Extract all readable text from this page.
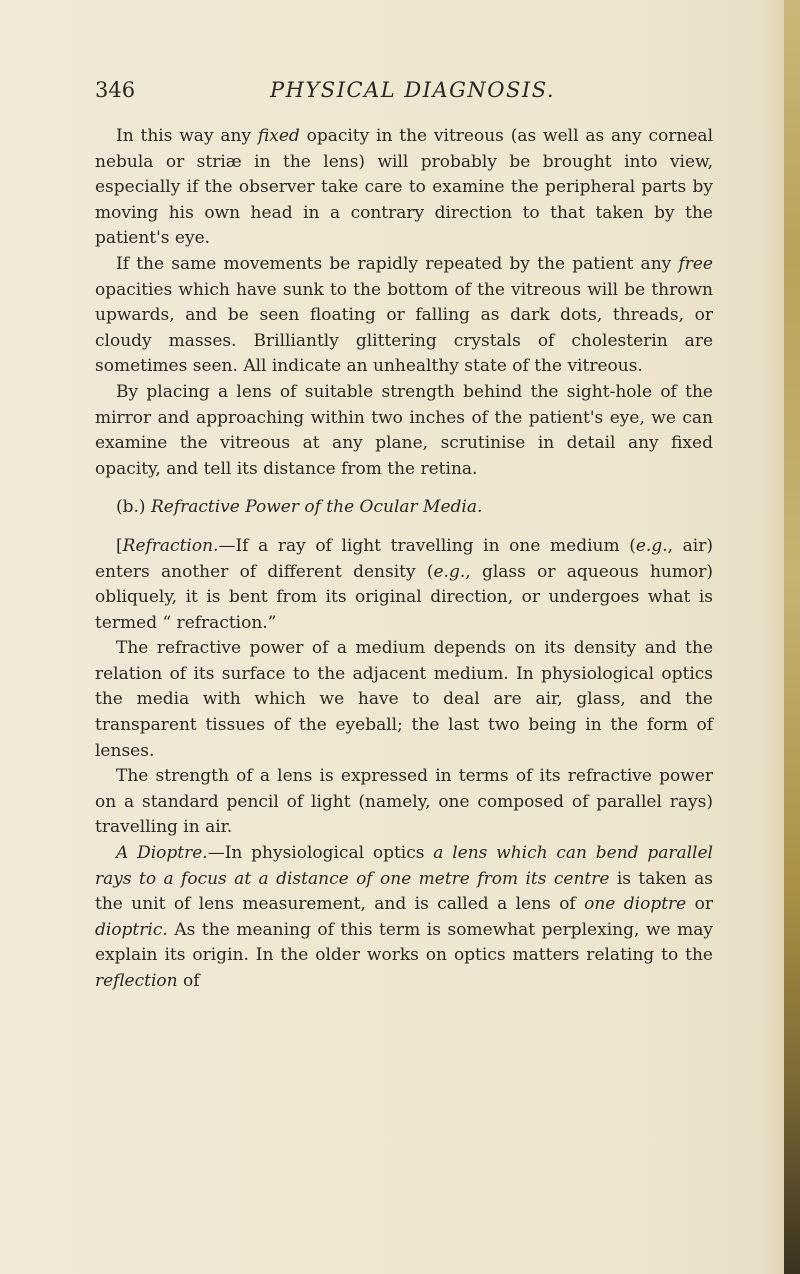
346	PHYSICAL DIAGNOSIS.

In this way any fixed opacity in the vitreous (as well as any corneal nebula or striæ in the lens) will probably be brought into view, especially if the observer take care to examine the peripheral parts by moving his own head in a contrary direction to that taken by the patient's eye.

If the same movements be rapidly repeated by the patient any free opacities which have sunk to the bottom of the vitreous will be thrown upwards, and be seen floating or falling as dark dots, threads, or cloudy masses. Brilliantly glittering crystals of cholesterin are sometimes seen. All indicate an unhealthy state of the vitreous.

By placing a lens of suitable strength behind the sight-hole of the mirror and approaching within two inches of the patient's eye, we can examine the vitreous at any plane, scrutinise in detail any fixed opacity, and tell its distance from the retina.

(b.) Refractive Power of the Ocular Media.

[Refraction.—If a ray of light travelling in one medium (e.g., air) enters another of different density (e.g., glass or aqueous humor) obliquely, it is bent from its original direction, or undergoes what is termed “ refraction.”

The refractive power of a medium depends on its density and the relation of its surface to the adjacent medium. In physiological optics the media with which we have to deal are air, glass, and the transparent tissues of the eyeball; the last two being in the form of lenses.

The strength of a lens is expressed in terms of its refractive power on a standard pencil of light (namely, one composed of parallel rays) travelling in air.

A Dioptre.—In physiological optics a lens which can bend parallel rays to a focus at a distance of one metre from its centre is taken as the unit of lens measurement, and is called a lens of one dioptre or dioptric. As the meaning of this term is somewhat perplexing, we may explain its origin. In the older works on optics matters relating to the reflection of
